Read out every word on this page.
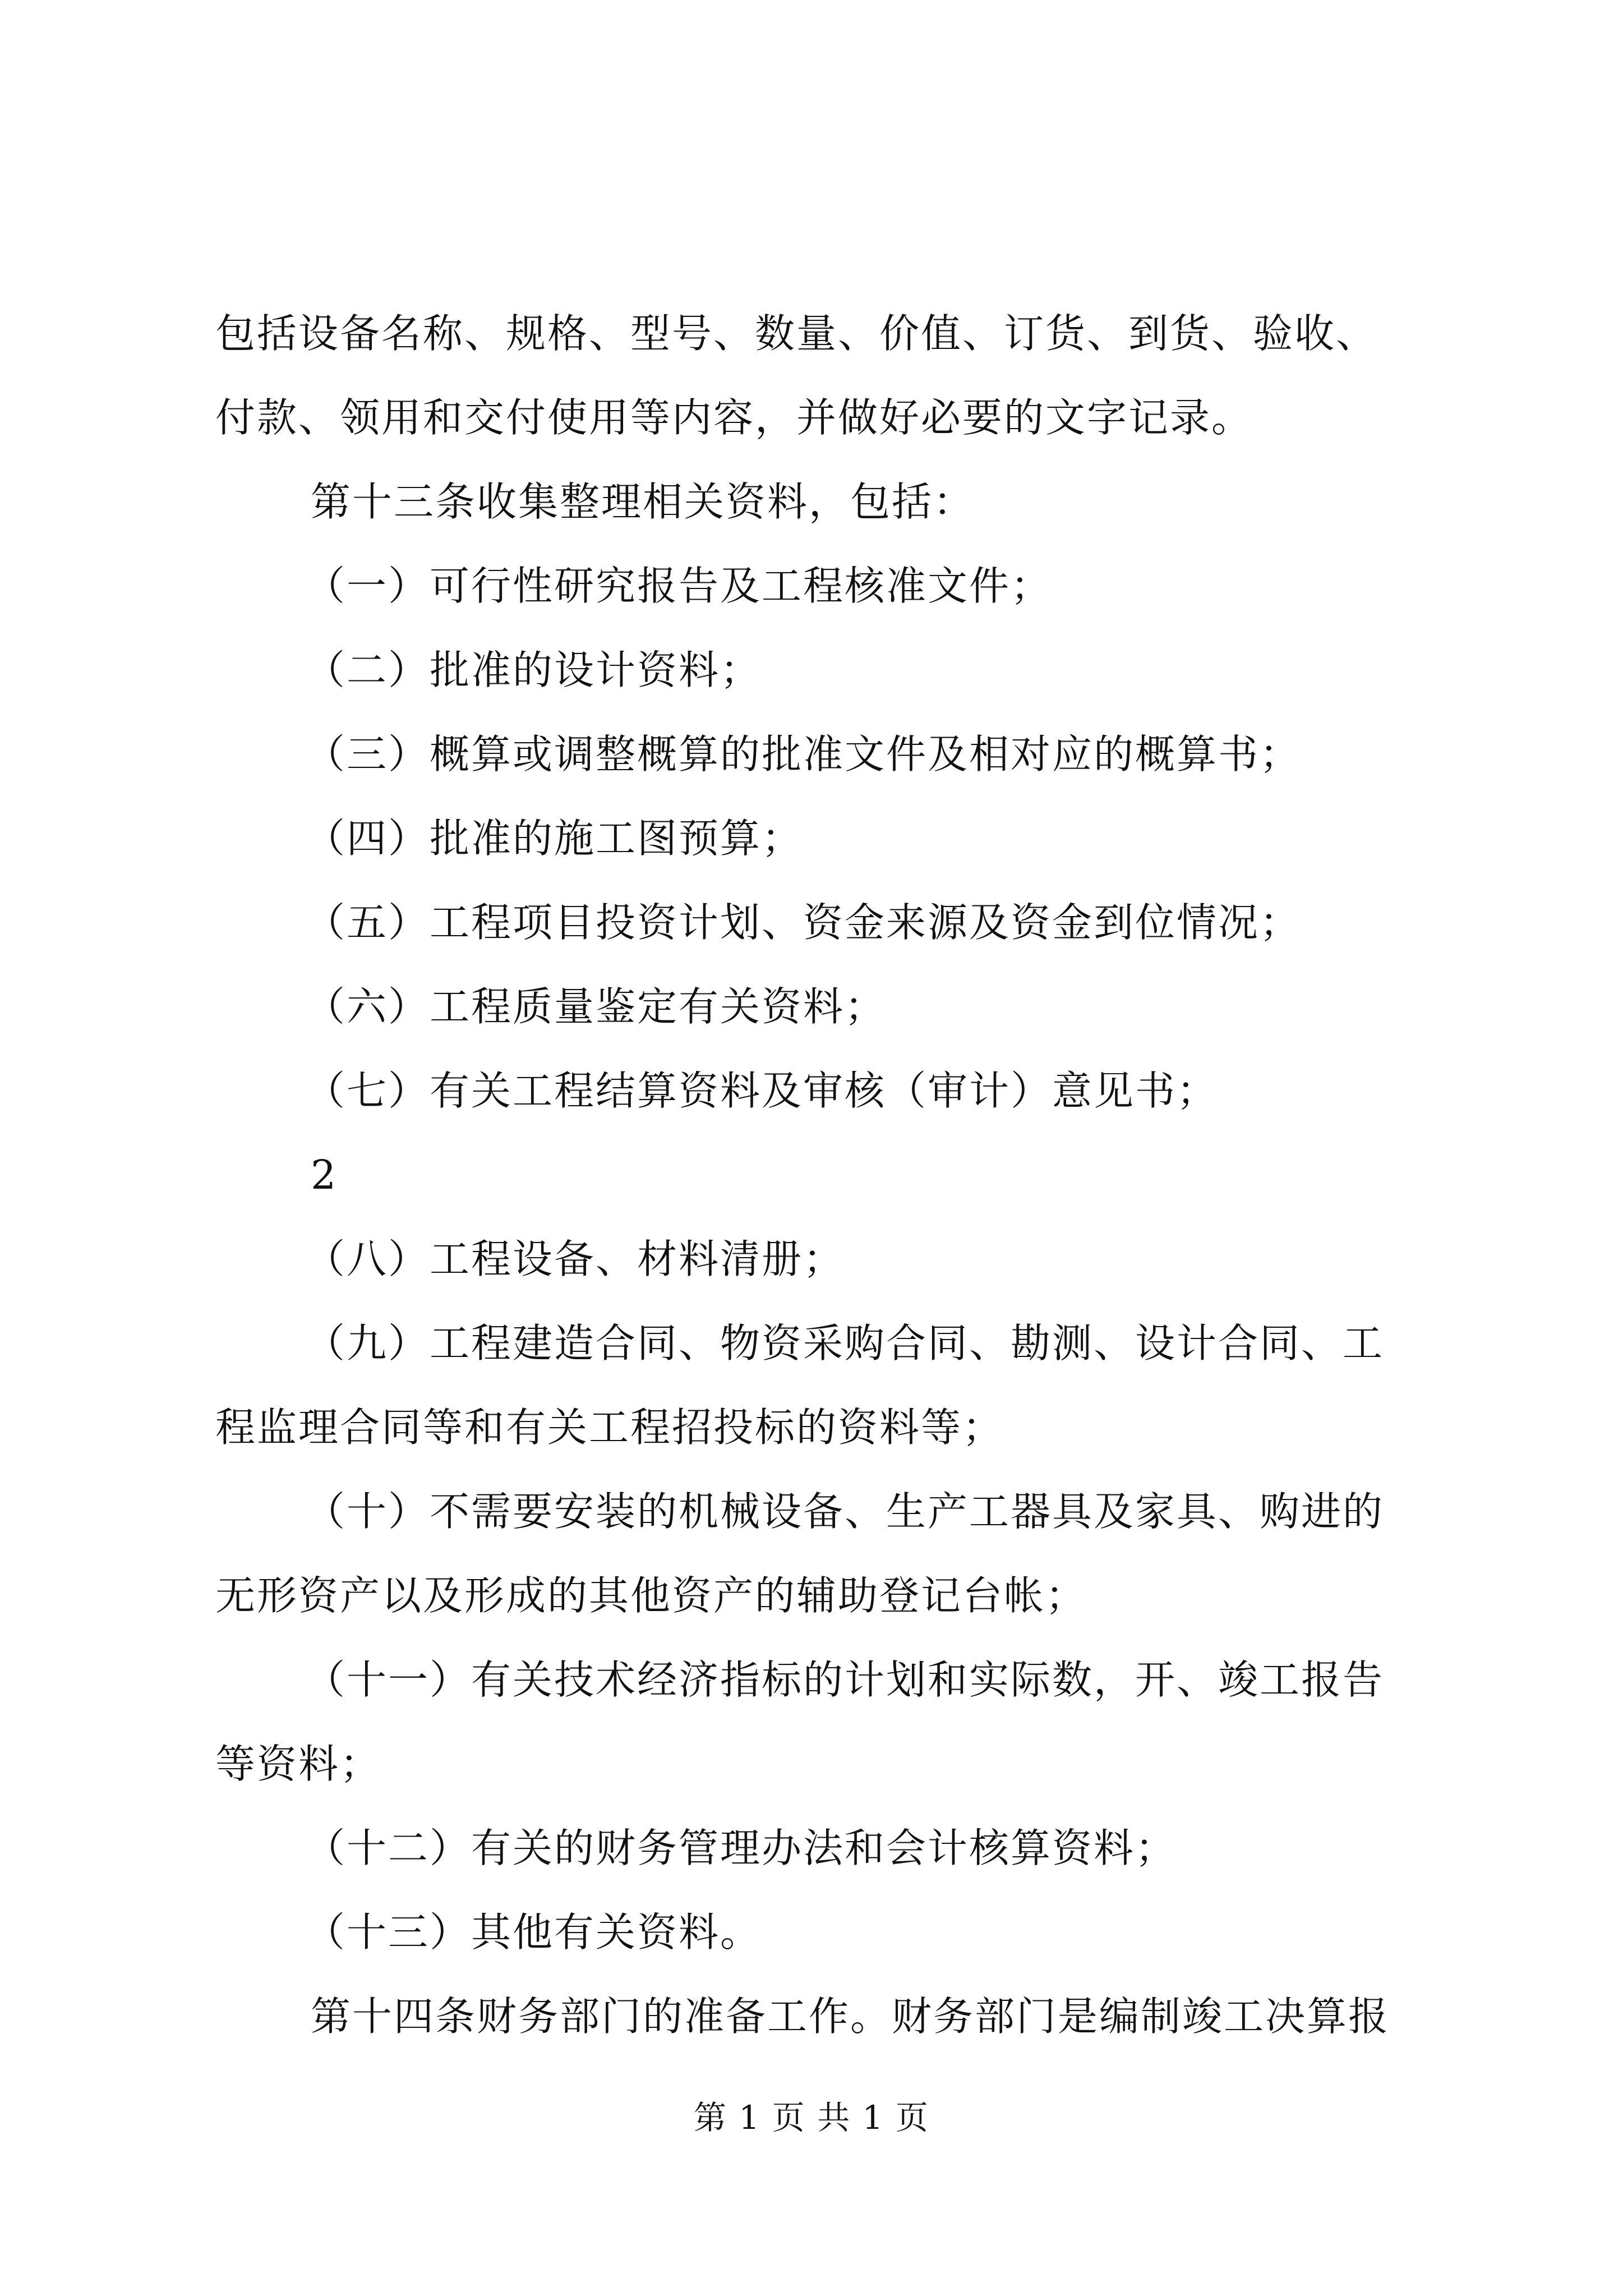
包括设备名称、规格、型号、数量、价值、订货、到货、验收、
付款、领用和交付使用等内容，并做好必要的文字记录。
第十三条收集整理相关资料，包括：
（一）可行性研究报告及工程核准文件；
（二）批准的设计资料；
（三）概算或调整概算的批准文件及相对应的概算书；
（四）批准的施工图预算；
（五）工程项目投资计划、资金来源及资金到位情况；
（六）工程质量鉴定有关资料；
（七）有关工程结算资料及审核（审计）意见书；
2
（八）工程设备、材料清册；
（九）工程建造合同、物资采购合同、勘测、设计合同、工
程监理合同等和有关工程招投标的资料等；
（十）不需要安装的机械设备、生产工器具及家具、购进的
无形资产以及形成的其他资产的辅助登记台帐；
（十一）有关技术经济指标的计划和实际数，开、竣工报告
等资料；
（十二）有关的财务管理办法和会计核算资料；
（十三）其他有关资料。
第十四条财务部门的准备工作。财务部门是编制竣工决算报
第 1 页 共 1 页
